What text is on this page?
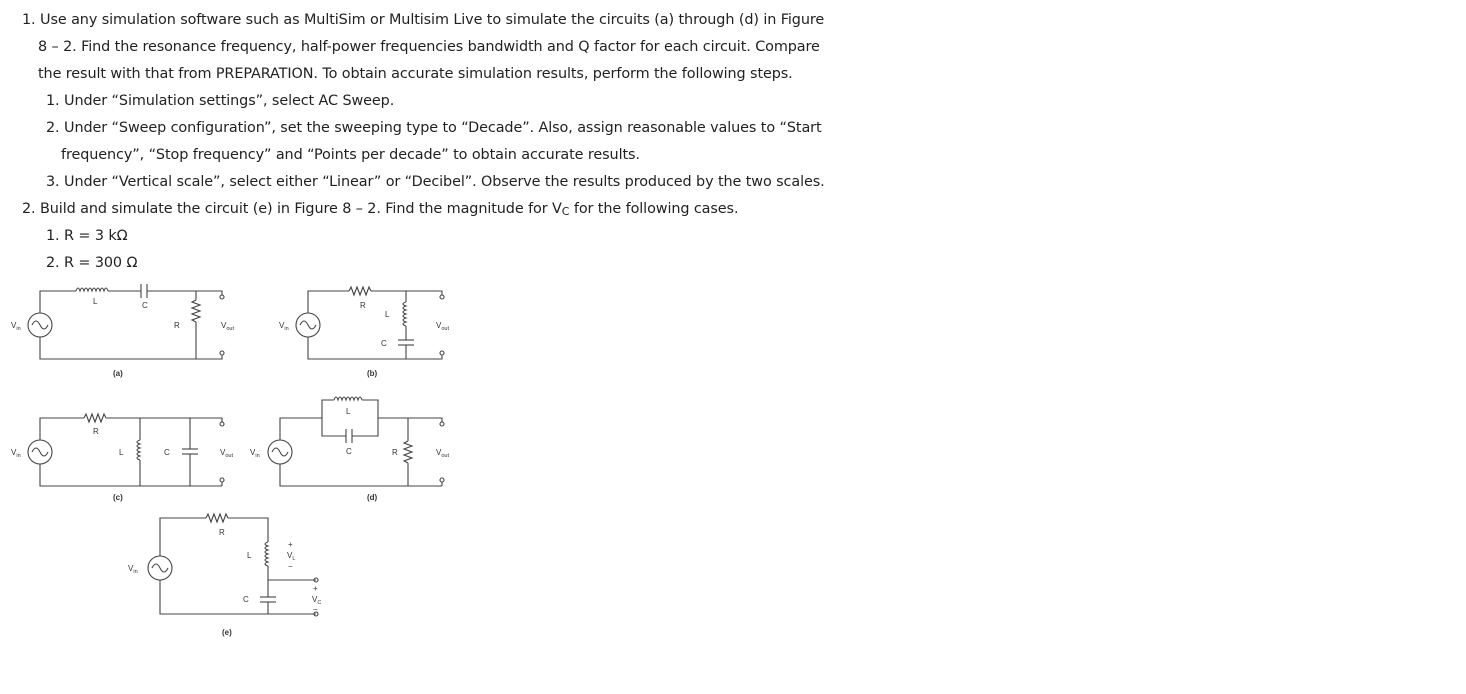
1. Use any simulation software such as MultiSim or Multisim Live to simulate the circuits (a) through (d) in Figure
8 – 2. Find the resonance frequency, half-power frequencies bandwidth and Q factor for each circuit. Compare
the result with that from PREPARATION. To obtain accurate simulation results, perform the following steps.
1. Under “Simulation settings”, select AC Sweep.
2. Under “Sweep configuration”, set the sweeping type to “Decade”. Also, assign reasonable values to “Start
frequency”, “Stop frequency” and “Points per decade” to obtain accurate results.
3. Under “Vertical scale”, select either “Linear” or “Decibel”. Observe the results produced by the two scales.
2. Build and simulate the circuit (e) in Figure 8 – 2. Find the magnitude for VC for the following cases.
1. R = 3 kΩ
2. R = 300 Ω
$V_{in}$
L	C
R	$V_{out}$
(a)
$V_{in}$
R
L
C
$V_{out}$
(b)
$V_{in}$
R
L	C	$V_{out}$
(c)
$V_{in}$
L
C	R	$V_{out}$
(d)
$V_{in}$
R
L
C
+
$V_L$
−
+
$V_C$
−
(e)
